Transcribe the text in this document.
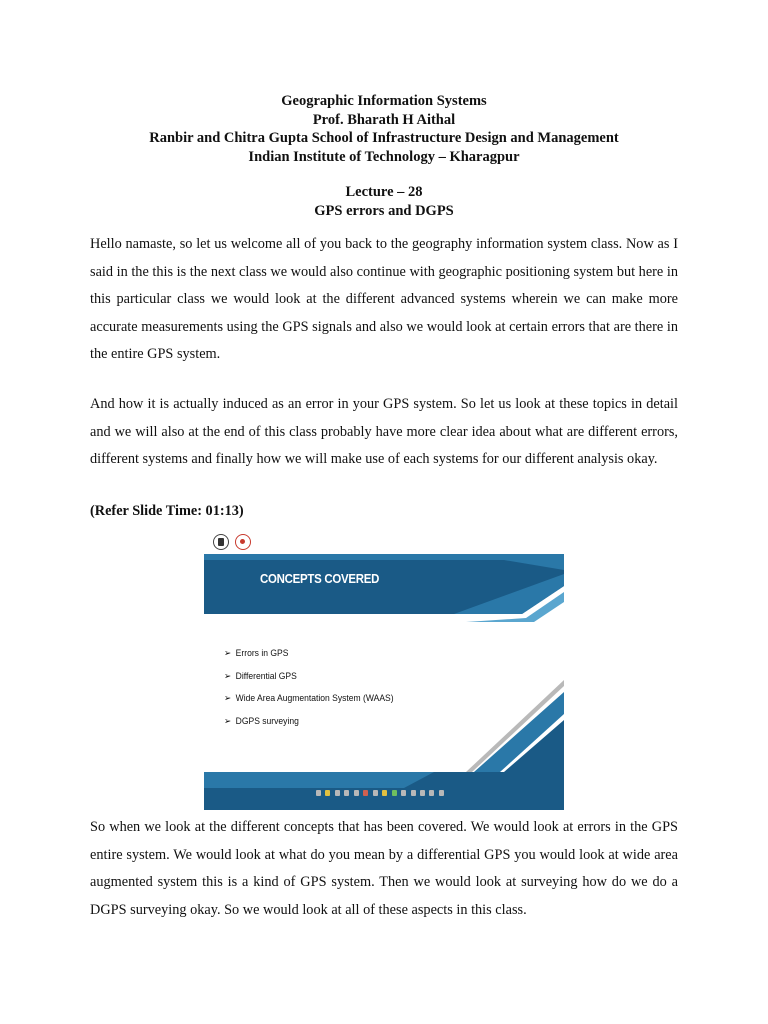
Geographic Information Systems
Prof. Bharath H Aithal
Ranbir and Chitra Gupta School of Infrastructure Design and Management
Indian Institute of Technology – Kharagpur
Lecture – 28
GPS errors and DGPS

Hello namaste, so let us welcome all of you back to the geography information system class. Now as I said in the this is the next class we would also continue with geographic positioning system but here in this particular class we would look at the different advanced systems wherein we can make more accurate measurements using the GPS signals and also we would look at certain errors that are there in the entire GPS system.

And how it is actually induced as an error in your GPS system. So let us look at these topics in detail and we will also at the end of this class probably have more clear idea about what are different errors, different systems and finally how we will make use of each systems for our different analysis okay.

(Refer Slide Time: 01:13)
CONCEPTS COVERED
➢ Errors in GPS
➢ Differential GPS
➢ Wide Area Augmentation System (WAAS)
➢ DGPS surveying

So when we look at the different concepts that has been covered. We would look at errors in the GPS entire system. We would look at what do you mean by a differential GPS you would look at wide area augmented system this is a kind of GPS system. Then we would look at surveying how do we do a DGPS surveying okay. So we would look at all of these aspects in this class.
